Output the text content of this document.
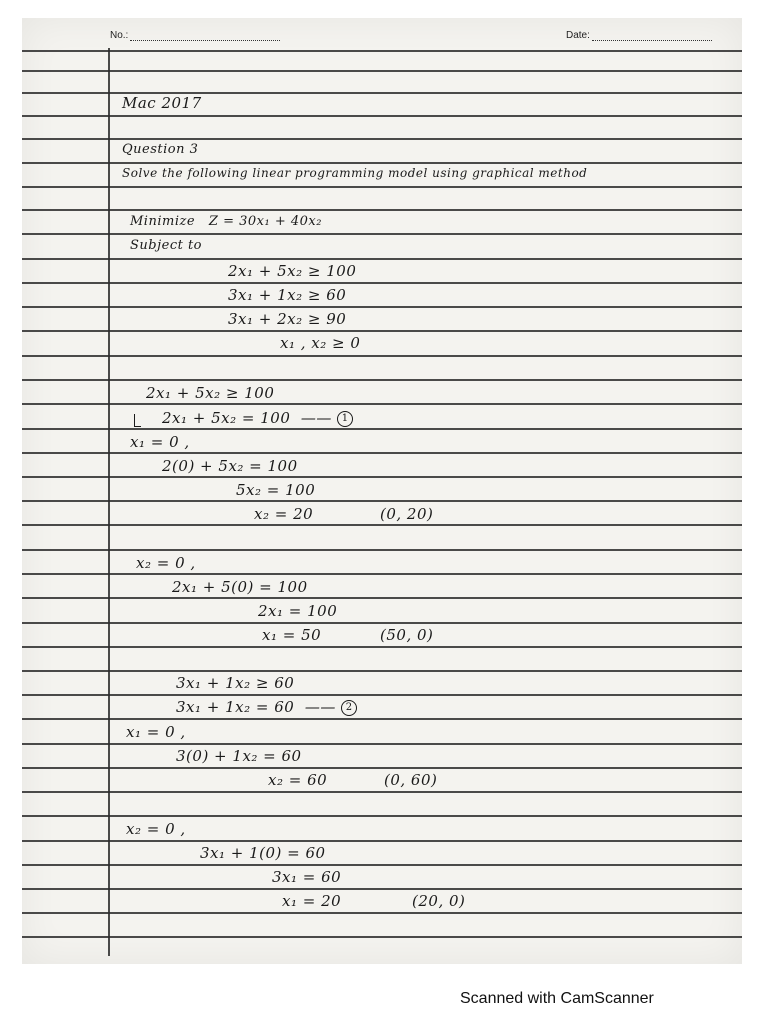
No.:	Date:
Mac 2017
Question 3
Solve the following linear programming model using graphical method
Minimize   Z = 30x₁ + 40x₂
Subject to
2x₁ + 5x₂ ≥ 100
3x₁ + 1x₂ ≥ 60
3x₁ + 2x₂ ≥ 90
x₁ , x₂ ≥ 0
2x₁ + 5x₂ ≥ 100
2x₁ + 5x₂ = 100  —— 1
x₁ = 0 ,
2(0) + 5x₂ = 100
5x₂ = 100
x₂ = 20	(0, 20)
x₂ = 0 ,
2x₁ + 5(0) = 100
2x₁ = 100
x₁ = 50	(50, 0)
3x₁ + 1x₂ ≥ 60
3x₁ + 1x₂ = 60  —— 2
x₁ = 0 ,
3(0) + 1x₂ = 60
x₂ = 60	(0, 60)
x₂ = 0 ,
3x₁ + 1(0) = 60
3x₁ = 60
x₁ = 20	(20, 0)
Scanned with CamScanner
